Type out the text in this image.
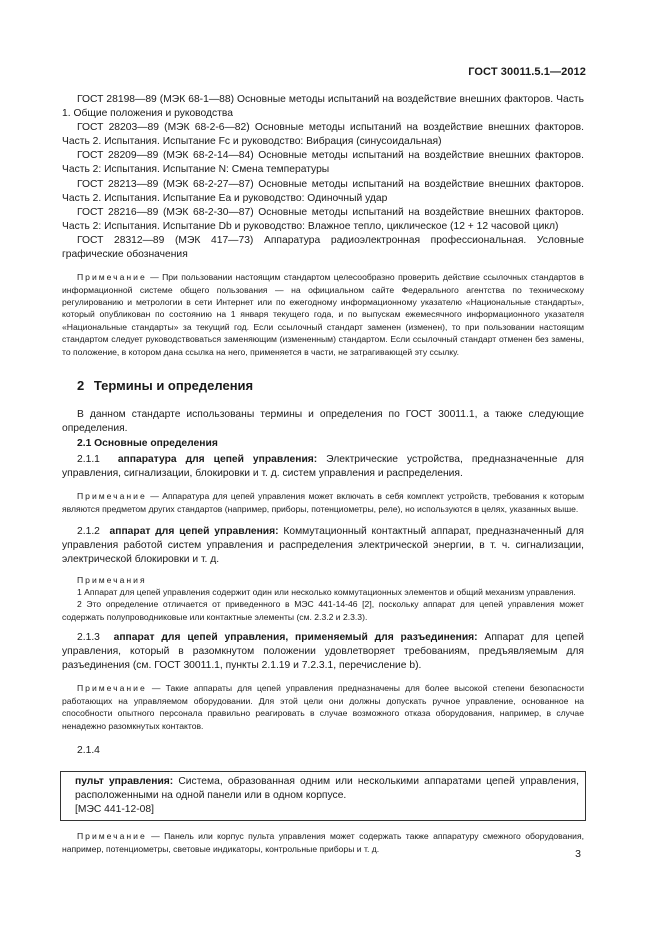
ГОСТ 30011.5.1—2012

ГОСТ 28198—89 (МЭК 68-1—88) Основные методы испытаний на воздействие внешних факторов. Часть 1. Общие положения и руководства

ГОСТ 28203—89 (МЭК 68-2-6—82) Основные методы испытаний на воздействие внешних факторов. Часть 2. Испытания. Испытание Fc и руководство: Вибрация (синусоидальная)

ГОСТ 28209—89 (МЭК 68-2-14—84) Основные методы испытаний на воздействие внешних факторов. Часть 2: Испытания. Испытание N: Смена температуры

ГОСТ 28213—89 (МЭК 68-2-27—87) Основные методы испытаний на воздействие внешних факторов. Часть 2. Испытания. Испытание Ea и руководство: Одиночный удар

ГОСТ 28216—89 (МЭК 68-2-30—87) Основные методы испытаний на воздействие внешних факторов. Часть 2: Испытания. Испытание Db и руководство: Влажное тепло, циклическое (12 + 12 часовой цикл)

ГОСТ 28312—89 (МЭК 417—73) Аппаратура радиоэлектронная профессиональная. Условные графические обозначения

Примечание — При пользовании настоящим стандартом целесообразно проверить действие ссылочных стандартов в информационной системе общего пользования — на официальном сайте Федерального агентства по техническому регулированию и метрологии в сети Интернет или по ежегодному информационному указателю «Национальные стандарты», который опубликован по состоянию на 1 января текущего года, и по выпускам ежемесячного информационного указателя «Национальные стандарты» за текущий год. Если ссылочный стандарт заменен (изменен), то при пользовании настоящим стандартом следует руководствоваться заменяющим (измененным) стандартом. Если ссылочный стандарт отменен без замены, то положение, в котором дана ссылка на него, применяется в части, не затрагивающей эту ссылку.

2 Термины и определения

В данном стандарте использованы термины и определения по ГОСТ 30011.1, а также следующие определения.

2.1 Основные определения

2.1.1 аппаратура для цепей управления: Электрические устройства, предназначенные для управления, сигнализации, блокировки и т. д. систем управления и распределения.

Примечание — Аппаратура для цепей управления может включать в себя комплект устройств, требования к которым являются предметом других стандартов (например, приборы, потенциометры, реле), но используются в целях, указанных выше.

2.1.2 аппарат для цепей управления: Коммутационный контактный аппарат, предназначенный для управления работой систем управления и распределения электрической энергии, в т. ч. сигнализации, электрической блокировки и т. д.

Примечания

1 Аппарат для цепей управления содержит один или несколько коммутационных элементов и общий механизм управления.

2 Это определение отличается от приведенного в МЭС 441-14-46 [2], поскольку аппарат для цепей управления может содержать полупроводниковые или контактные элементы (см. 2.3.2 и 2.3.3).

2.1.3 аппарат для цепей управления, применяемый для разъединения: Аппарат для цепей управления, который в разомкнутом положении удовлетворяет требованиям, предъявляемым для разъединения (см. ГОСТ 30011.1, пункты 2.1.19 и 7.2.3.1, перечисление b).

Примечание — Такие аппараты для цепей управления предназначены для более высокой степени безопасности работающих на управляемом оборудовании. Для этой цели они должны допускать ручное управление, основанное на способности опытного персонала правильно реагировать в случае возможного отказа оборудования, например, в случае ненадежно разомкнутых контактов.

2.1.4

пульт управления: Система, образованная одним или несколькими аппаратами цепей управления, расположенными на одной панели или в одном корпусе.

[МЭС 441-12-08]

Примечание — Панель или корпус пульта управления может содержать также аппаратуру смежного оборудования, например, потенциометры, световые индикаторы, контрольные приборы и т. д.	3
